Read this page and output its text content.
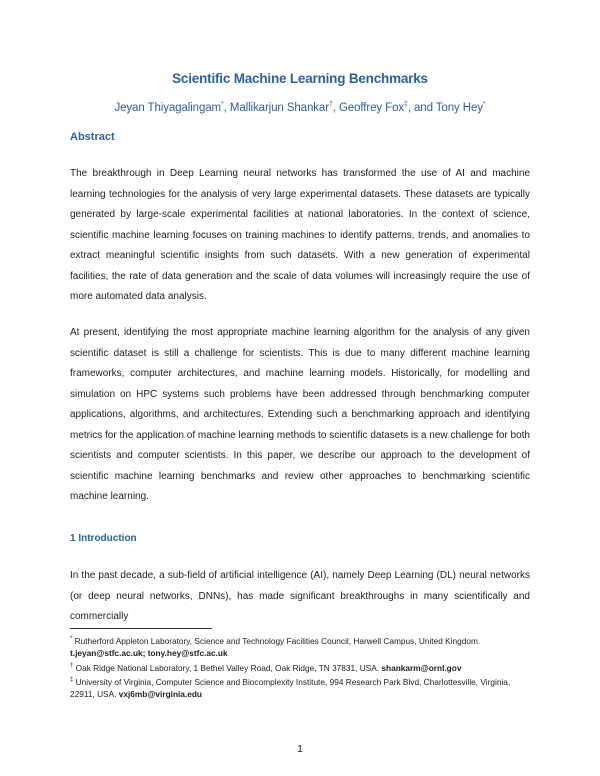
Scientific Machine Learning Benchmarks
Jeyan Thiyagalingam*, Mallikarjun Shankar†, Geoffrey Fox‡, and Tony Hey*
Abstract

The breakthrough in Deep Learning neural networks has transformed the use of AI and machine learning technologies for the analysis of very large experimental datasets. These datasets are typically generated by large-scale experimental facilities at national laboratories. In the context of science, scientific machine learning focuses on training machines to identify patterns, trends, and anomalies to extract meaningful scientific insights from such datasets. With a new generation of experimental facilities, the rate of data generation and the scale of data volumes will increasingly require the use of more automated data analysis.

At present, identifying the most appropriate machine learning algorithm for the analysis of any given scientific dataset is still a challenge for scientists. This is due to many different machine learning frameworks, computer architectures, and machine learning models. Historically, for modelling and simulation on HPC systems such problems have been addressed through benchmarking computer applications, algorithms, and architectures. Extending such a benchmarking approach and identifying metrics for the application of machine learning methods to scientific datasets is a new challenge for both scientists and computer scientists. In this paper, we describe our approach to the development of scientific machine learning benchmarks and review other approaches to benchmarking scientific machine learning.

1 Introduction

In the past decade, a sub-field of artificial intelligence (AI), namely Deep Learning (DL) neural networks (or deep neural networks, DNNs), has made significant breakthroughs in many scientifically and commercially

* Rutherford Appleton Laboratory, Science and Technology Facilities Council, Harwell Campus, United Kingdom. t.jeyan@stfc.ac.uk; tony.hey@stfc.ac.uk

† Oak Ridge National Laboratory, 1 Bethel Valley Road, Oak Ridge, TN 37831, USA. shankarm@ornl.gov

‡ University of Virginia, Computer Science and Biocomplexity Institute, 994 Research Park Blvd, Charlottesville, Virginia, 22911, USA. vxj6mb@virginia.edu

1
